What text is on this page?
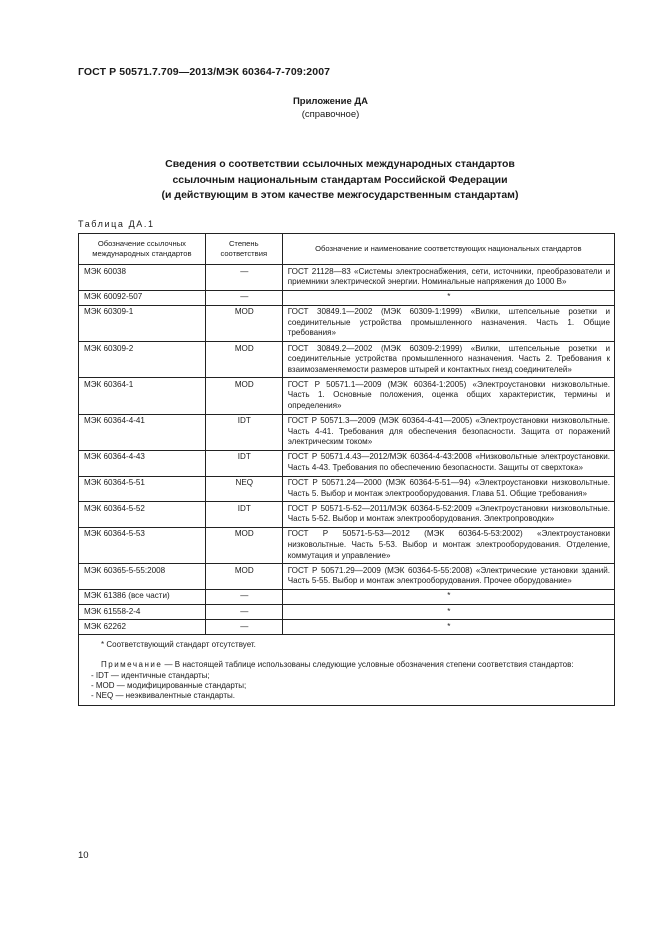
ГОСТ Р 50571.7.709—2013/МЭК 60364-7-709:2007
Приложение ДА
(справочное)
Сведения о соответствии ссылочных международных стандартов
ссылочным национальным стандартам Российской Федерации
(и действующим в этом качестве межгосударственным стандартам)
Таблица ДА.1
Обозначение ссылочных международных стандартов	Степень соответствия	Обозначение и наименование соответствующих национальных стандартов
МЭК 60038	—	ГОСТ 21128—83 «Системы электроснабжения, сети, источники, преобразователи и приемники электрической энергии. Номинальные напряжения до 1000 В»
МЭК 60092-507	—	*
МЭК 60309-1	MOD	ГОСТ 30849.1—2002 (МЭК 60309-1:1999) «Вилки, штепсельные розетки и соединительные устройства промышленного назначения. Часть 1. Общие требования»
МЭК 60309-2	MOD	ГОСТ 30849.2—2002 (МЭК 60309-2:1999) «Вилки, штепсельные розетки и соединительные устройства промышленного назначения. Часть 2. Требования к взаимозаменяемости размеров штырей и контактных гнезд соединителей»
МЭК 60364-1	MOD	ГОСТ Р 50571.1—2009 (МЭК 60364-1:2005) «Электроустановки низковольтные. Часть 1. Основные положения, оценка общих характеристик, термины и определения»
МЭК 60364-4-41	IDT	ГОСТ Р 50571.3—2009 (МЭК 60364-4-41—2005) «Электроустановки низковольтные. Часть 4-41. Требования для обеспечения безопасности. Защита от поражений электрическим током»
МЭК 60364-4-43	IDT	ГОСТ Р 50571.4.43—2012/МЭК 60364-4-43:2008 «Низковольтные электроустановки. Часть 4-43. Требования по обеспечению безопасности. Защиты от сверхтока»
МЭК 60364-5-51	NEQ	ГОСТ Р 50571.24—2000 (МЭК 60364-5-51—94) «Электроустановки низковольтные. Часть 5. Выбор и монтаж электрооборудования. Глава 51. Общие требования»
МЭК 60364-5-52	IDT	ГОСТ Р 50571-5-52—2011/МЭК 60364-5-52:2009 «Электроустановки низковольтные. Часть 5-52. Выбор и монтаж электрооборудования. Электропроводки»
МЭК 60364-5-53	MOD	ГОСТ Р 50571-5-53—2012 (МЭК 60364-5-53:2002) «Электроустановки низковольтные. Часть 5-53. Выбор и монтаж электрооборудования. Отделение, коммутация и управление»
МЭК 60365-5-55:2008	MOD	ГОСТ Р 50571.29—2009 (МЭК 60364-5-55:2008) «Электрические установки зданий. Часть 5-55. Выбор и монтаж электрооборудования. Прочее оборудование»
МЭК 61386 (все части)	—	*
МЭК 61558-2-4	—	*
МЭК 62262	—	*

* Соответствующий стандарт отсутствует.
Примечание — В настоящей таблице использованы следующие условные обозначения степени соответствия стандартов:
- IDT — идентичные стандарты;
- MOD — модифицированные стандарты;
- NEQ — неэквивалентные стандарты.		
10
